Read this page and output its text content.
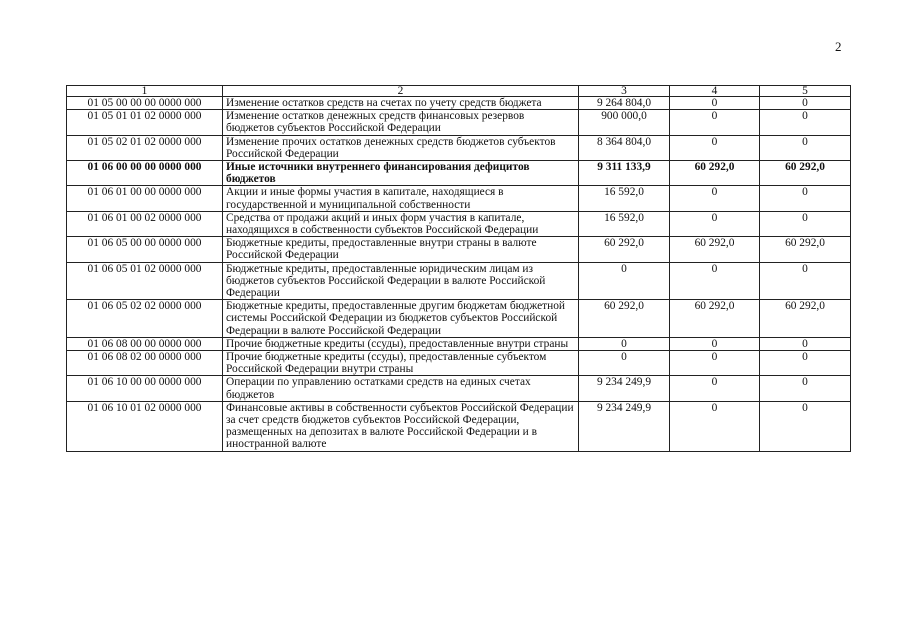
2
1	2	3	4	5
01 05 00 00 00 0000 000	Изменение остатков средств на счетах по учету средств бюджета	9 264 804,0	0	0
01 05 01 01 02 0000 000	Изменение остатков денежных средств финансовых резервов бюджетов субъектов Российской Федерации	900 000,0	0	0
01 05 02 01 02 0000 000	Изменение прочих остатков денежных средств бюджетов субъектов Российской Федерации	8 364 804,0	0	0
01 06 00 00 00 0000 000	Иные источники внутреннего финансирования дефицитов бюджетов	9 311 133,9	60 292,0	60 292,0
01 06 01 00 00 0000 000	Акции и иные формы участия в капитале, находящиеся в государственной и муниципальной собственности	16 592,0	0	0
01 06 01 00 02 0000 000	Средства от продажи акций и иных форм участия в капитале, находящихся в собственности субъектов Российской Федерации	16 592,0	0	0
01 06 05 00 00 0000 000	Бюджетные кредиты, предоставленные внутри страны в валюте Российской Федерации	60 292,0	60 292,0	60 292,0
01 06 05 01 02 0000 000	Бюджетные кредиты, предоставленные юридическим лицам из бюджетов субъектов Российской Федерации в валюте Российской Федерации	0	0	0
01 06 05 02 02 0000 000	Бюджетные кредиты, предоставленные другим бюджетам бюджетной системы Российской Федерации из бюджетов субъектов Российской Федерации в валюте Российской Федерации	60 292,0	60 292,0	60 292,0
01 06 08 00 00 0000 000	Прочие бюджетные кредиты (ссуды), предоставленные внутри страны	0	0	0
01 06 08 02 00 0000 000	Прочие бюджетные кредиты (ссуды), предоставленные субъектом Российской Федерации внутри страны	0	0	0
01 06 10 00 00 0000 000	Операции по управлению остатками средств на единых счетах бюджетов	9 234 249,9	0	0
01 06 10 01 02 0000 000	Финансовые активы в собственности субъектов Российской Федерации за счет средств бюджетов субъектов Российской Федерации, размещенных на депозитах в валюте Российской Федерации и в иностранной валюте	9 234 249,9	0	0
